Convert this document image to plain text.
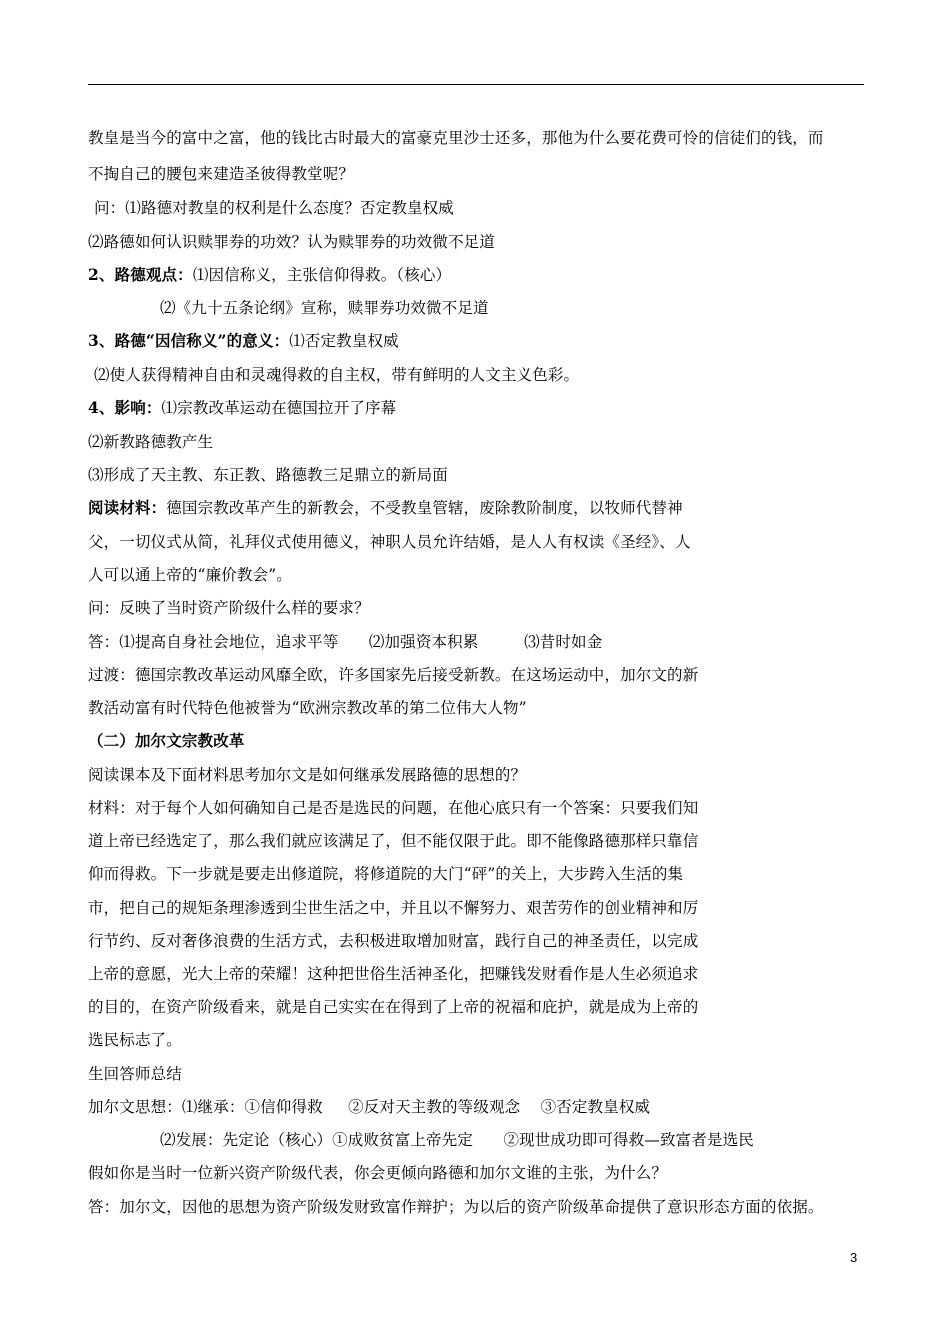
教皇是当今的富中之富，他的钱比古时最大的富豪克里沙士还多，那他为什么要花费可怜的信徒们的钱，而
不掏自己的腰包来建造圣彼得教堂呢？
问：⑴路德对教皇的权利是什么态度？否定教皇权威
⑵路德如何认识赎罪券的功效？认为赎罪券的功效微不足道
2、路德观点：⑴因信称义，主张信仰得救。（核心）
⑵《九十五条论纲》宣称，赎罪券功效微不足道
3、路德“因信称义”的意义：⑴否定教皇权威
⑵使人获得精神自由和灵魂得救的自主权，带有鲜明的人文主义色彩。
4、影响：⑴宗教改革运动在德国拉开了序幕
⑵新教路德教产生
⑶形成了天主教、东正教、路德教三足鼎立的新局面
阅读材料：德国宗教改革产生的新教会，不受教皇管辖，废除教阶制度，以牧师代替神
父，一切仪式从简，礼拜仪式使用德义，神职人员允许结婚，是人人有权读《圣经》、人
人可以通上帝的“廉价教会”。
问：反映了当时资产阶级什么样的要求？
答：⑴提高自身社会地位，追求平等      ⑵加强资本积累         ⑶昔时如金
过渡：德国宗教改革运动风靡全欧，许多国家先后接受新教。在这场运动中，加尔文的新
教活动富有时代特色他被誉为“欧洲宗教改革的第二位伟大人物”
（二）加尔文宗教改革
阅读课本及下面材料思考加尔文是如何继承发展路德的思想的？
材料：对于每个人如何确知自己是否是选民的问题，在他心底只有一个答案：只要我们知
道上帝已经选定了，那么我们就应该满足了，但不能仅限于此。即不能像路德那样只靠信
仰而得救。下一步就是要走出修道院，将修道院的大门“砰”的关上，大步跨入生活的集
市，把自己的规矩条理渗透到尘世生活之中，并且以不懈努力、艰苦劳作的创业精神和厉
行节约、反对奢侈浪费的生活方式，去积极进取增加财富，践行自己的神圣责任，以完成
上帝的意愿，光大上帝的荣耀！这种把世俗生活神圣化，把赚钱发财看作是人生必须追求
的目的，在资产阶级看来，就是自己实实在在得到了上帝的祝福和庇护，就是成为上帝的
选民标志了。
生回答师总结
加尔文思想：⑴继承：①信仰得救     ②反对天主教的等级观念    ③否定教皇权威
⑵发展：先定论（核心）①成败贫富上帝先定      ②现世成功即可得救—致富者是选民
假如你是当时一位新兴资产阶级代表，你会更倾向路德和加尔文谁的主张，为什么？
答：加尔文，因他的思想为资产阶级发财致富作辩护；为以后的资产阶级革命提供了意识形态方面的依据。
3
